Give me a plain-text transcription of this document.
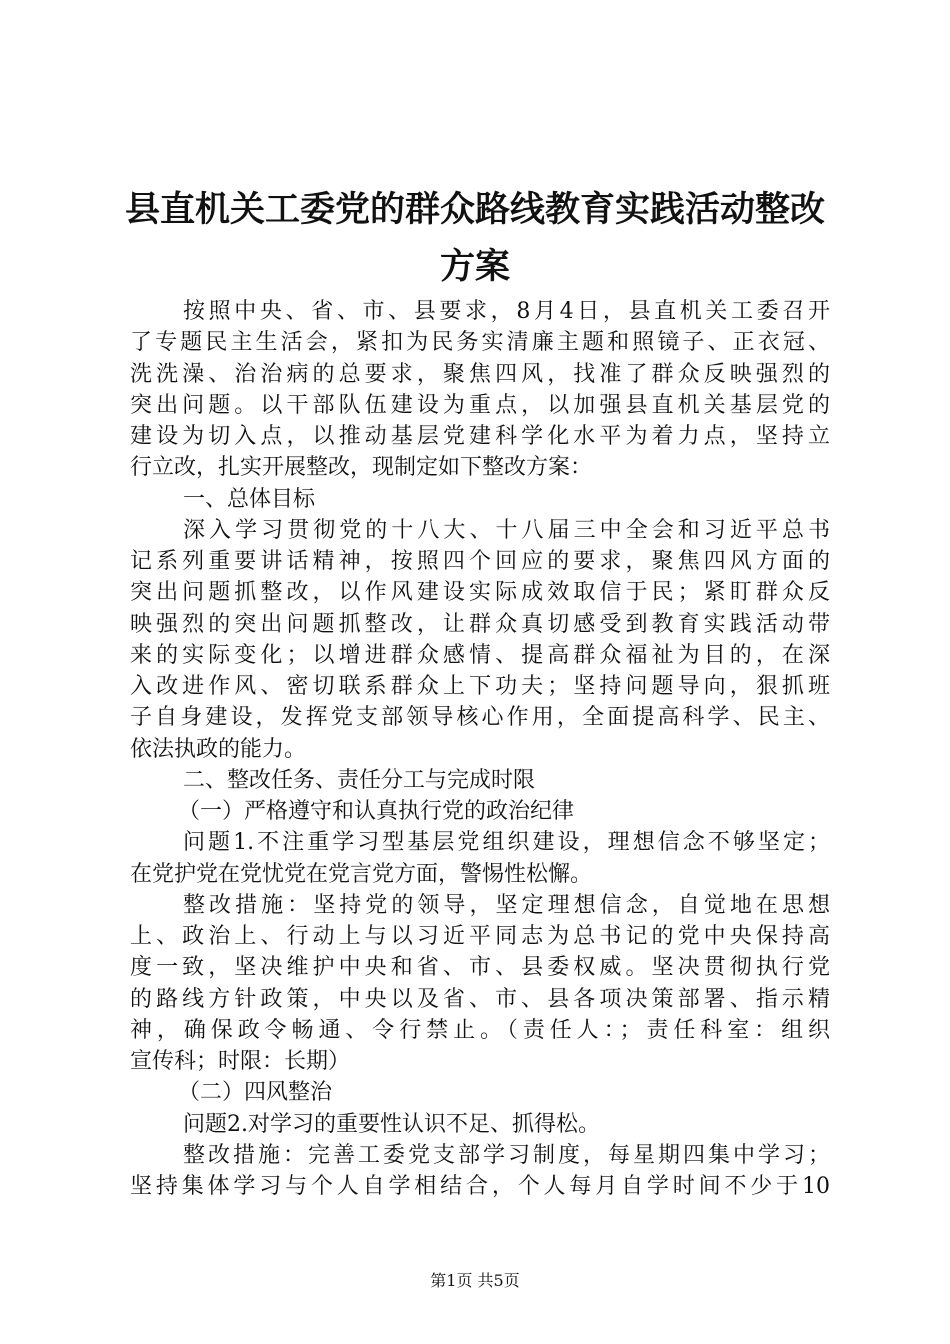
县直机关工委党的群众路线教育实践活动整改
方案
按照中央、省、市、县要求，8月4日，县直机关工委召开
了专题民主生活会，紧扣为民务实清廉主题和照镜子、正衣冠、
洗洗澡、治治病的总要求，聚焦四风，找准了群众反映强烈的
突出问题。以干部队伍建设为重点，以加强县直机关基层党的
建设为切入点，以推动基层党建科学化水平为着力点，坚持立
行立改，扎实开展整改，现制定如下整改方案：
一、总体目标
深入学习贯彻党的十八大、十八届三中全会和习近平总书
记系列重要讲话精神，按照四个回应的要求，聚焦四风方面的
突出问题抓整改，以作风建设实际成效取信于民；紧盯群众反
映强烈的突出问题抓整改，让群众真切感受到教育实践活动带
来的实际变化；以增进群众感情、提高群众福祉为目的，在深
入改进作风、密切联系群众上下功夫；坚持问题导向，狠抓班
子自身建设，发挥党支部领导核心作用，全面提高科学、民主、
依法执政的能力。
二、整改任务、责任分工与完成时限
（一）严格遵守和认真执行党的政治纪律
问题1.不注重学习型基层党组织建设，理想信念不够坚定；
在党护党在党忧党在党言党方面，警惕性松懈。
整改措施：坚持党的领导，坚定理想信念，自觉地在思想
上、政治上、行动上与以习近平同志为总书记的党中央保持高
度一致，坚决维护中央和省、市、县委权威。坚决贯彻执行党
的路线方针政策，中央以及省、市、县各项决策部署、指示精
神，确保政令畅通、令行禁止。（责任人：；责任科室：组织
宣传科；时限：长期）
（二）四风整治
问题2.对学习的重要性认识不足、抓得松。
整改措施：完善工委党支部学习制度，每星期四集中学习；
坚持集体学习与个人自学相结合，个人每月自学时间不少于10
第1页 共5页
